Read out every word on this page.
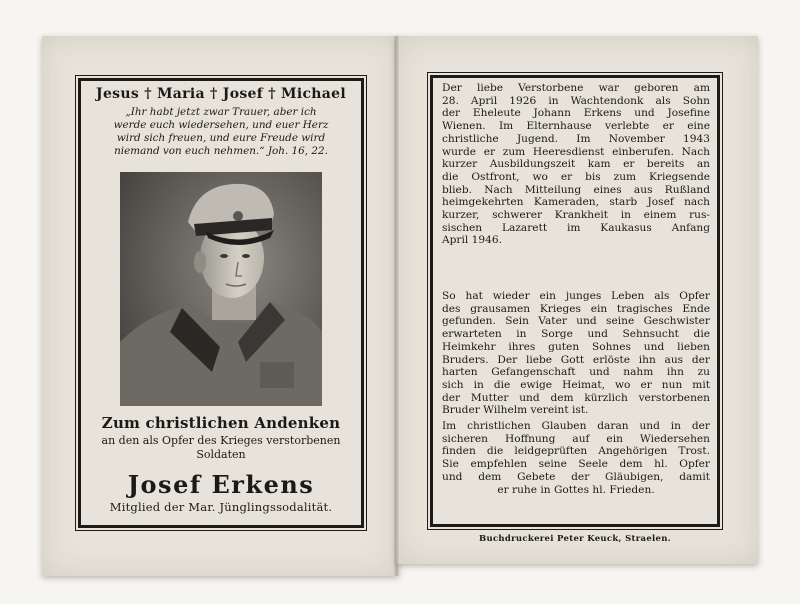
Jesus † Maria † Josef † Michael
„Ihr habt jetzt zwar Trauer, aber ich
werde euch wiedersehen, und euer Herz
wird sich freuen, und eure Freude wird
niemand von euch nehmen.“ Joh. 16, 22.
Zum christlichen Andenken
an den als Opfer des Krieges verstorbenen
Soldaten
Josef Erkens
Mitglied der Mar. Jünglingssodalität.
Der liebe Verstorbene war geboren am
28. April 1926 in Wachtendonk als Sohn
der Eheleute Johann Erkens und Josefine
Wienen. Im Elternhause verlebte er eine
christliche Jugend. Im November 1943
wurde er zum Heeresdienst einberufen. Nach
kurzer Ausbildungszeit kam er bereits an
die Ostfront, wo er bis zum Kriegsende
blieb. Nach Mitteilung eines aus Rußland
heimgekehrten Kameraden, starb Josef nach
kurzer, schwerer Krankheit in einem rus-
sischen Lazarett im Kaukasus Anfang
April 1946.
So hat wieder ein junges Leben als Opfer
des grausamen Krieges ein tragisches Ende
gefunden. Sein Vater und seine Geschwister
erwarteten in Sorge und Sehnsucht die
Heimkehr ihres guten Sohnes und lieben
Bruders. Der liebe Gott erlöste ihn aus der
harten Gefangenschaft und nahm ihn zu
sich in die ewige Heimat, wo er nun mit
der Mutter und dem kürzlich verstorbenen
Bruder Wilhelm vereint ist.
Im christlichen Glauben daran und in der
sicheren Hoffnung auf ein Wiedersehen
finden die leidgeprüften Angehörigen Trost.
Sie empfehlen seine Seele dem hl. Opfer
und dem Gebete der Gläubigen, damit
er ruhe in Gottes hl. Frieden.
Buchdruckerei Peter Keuck, Straelen.
